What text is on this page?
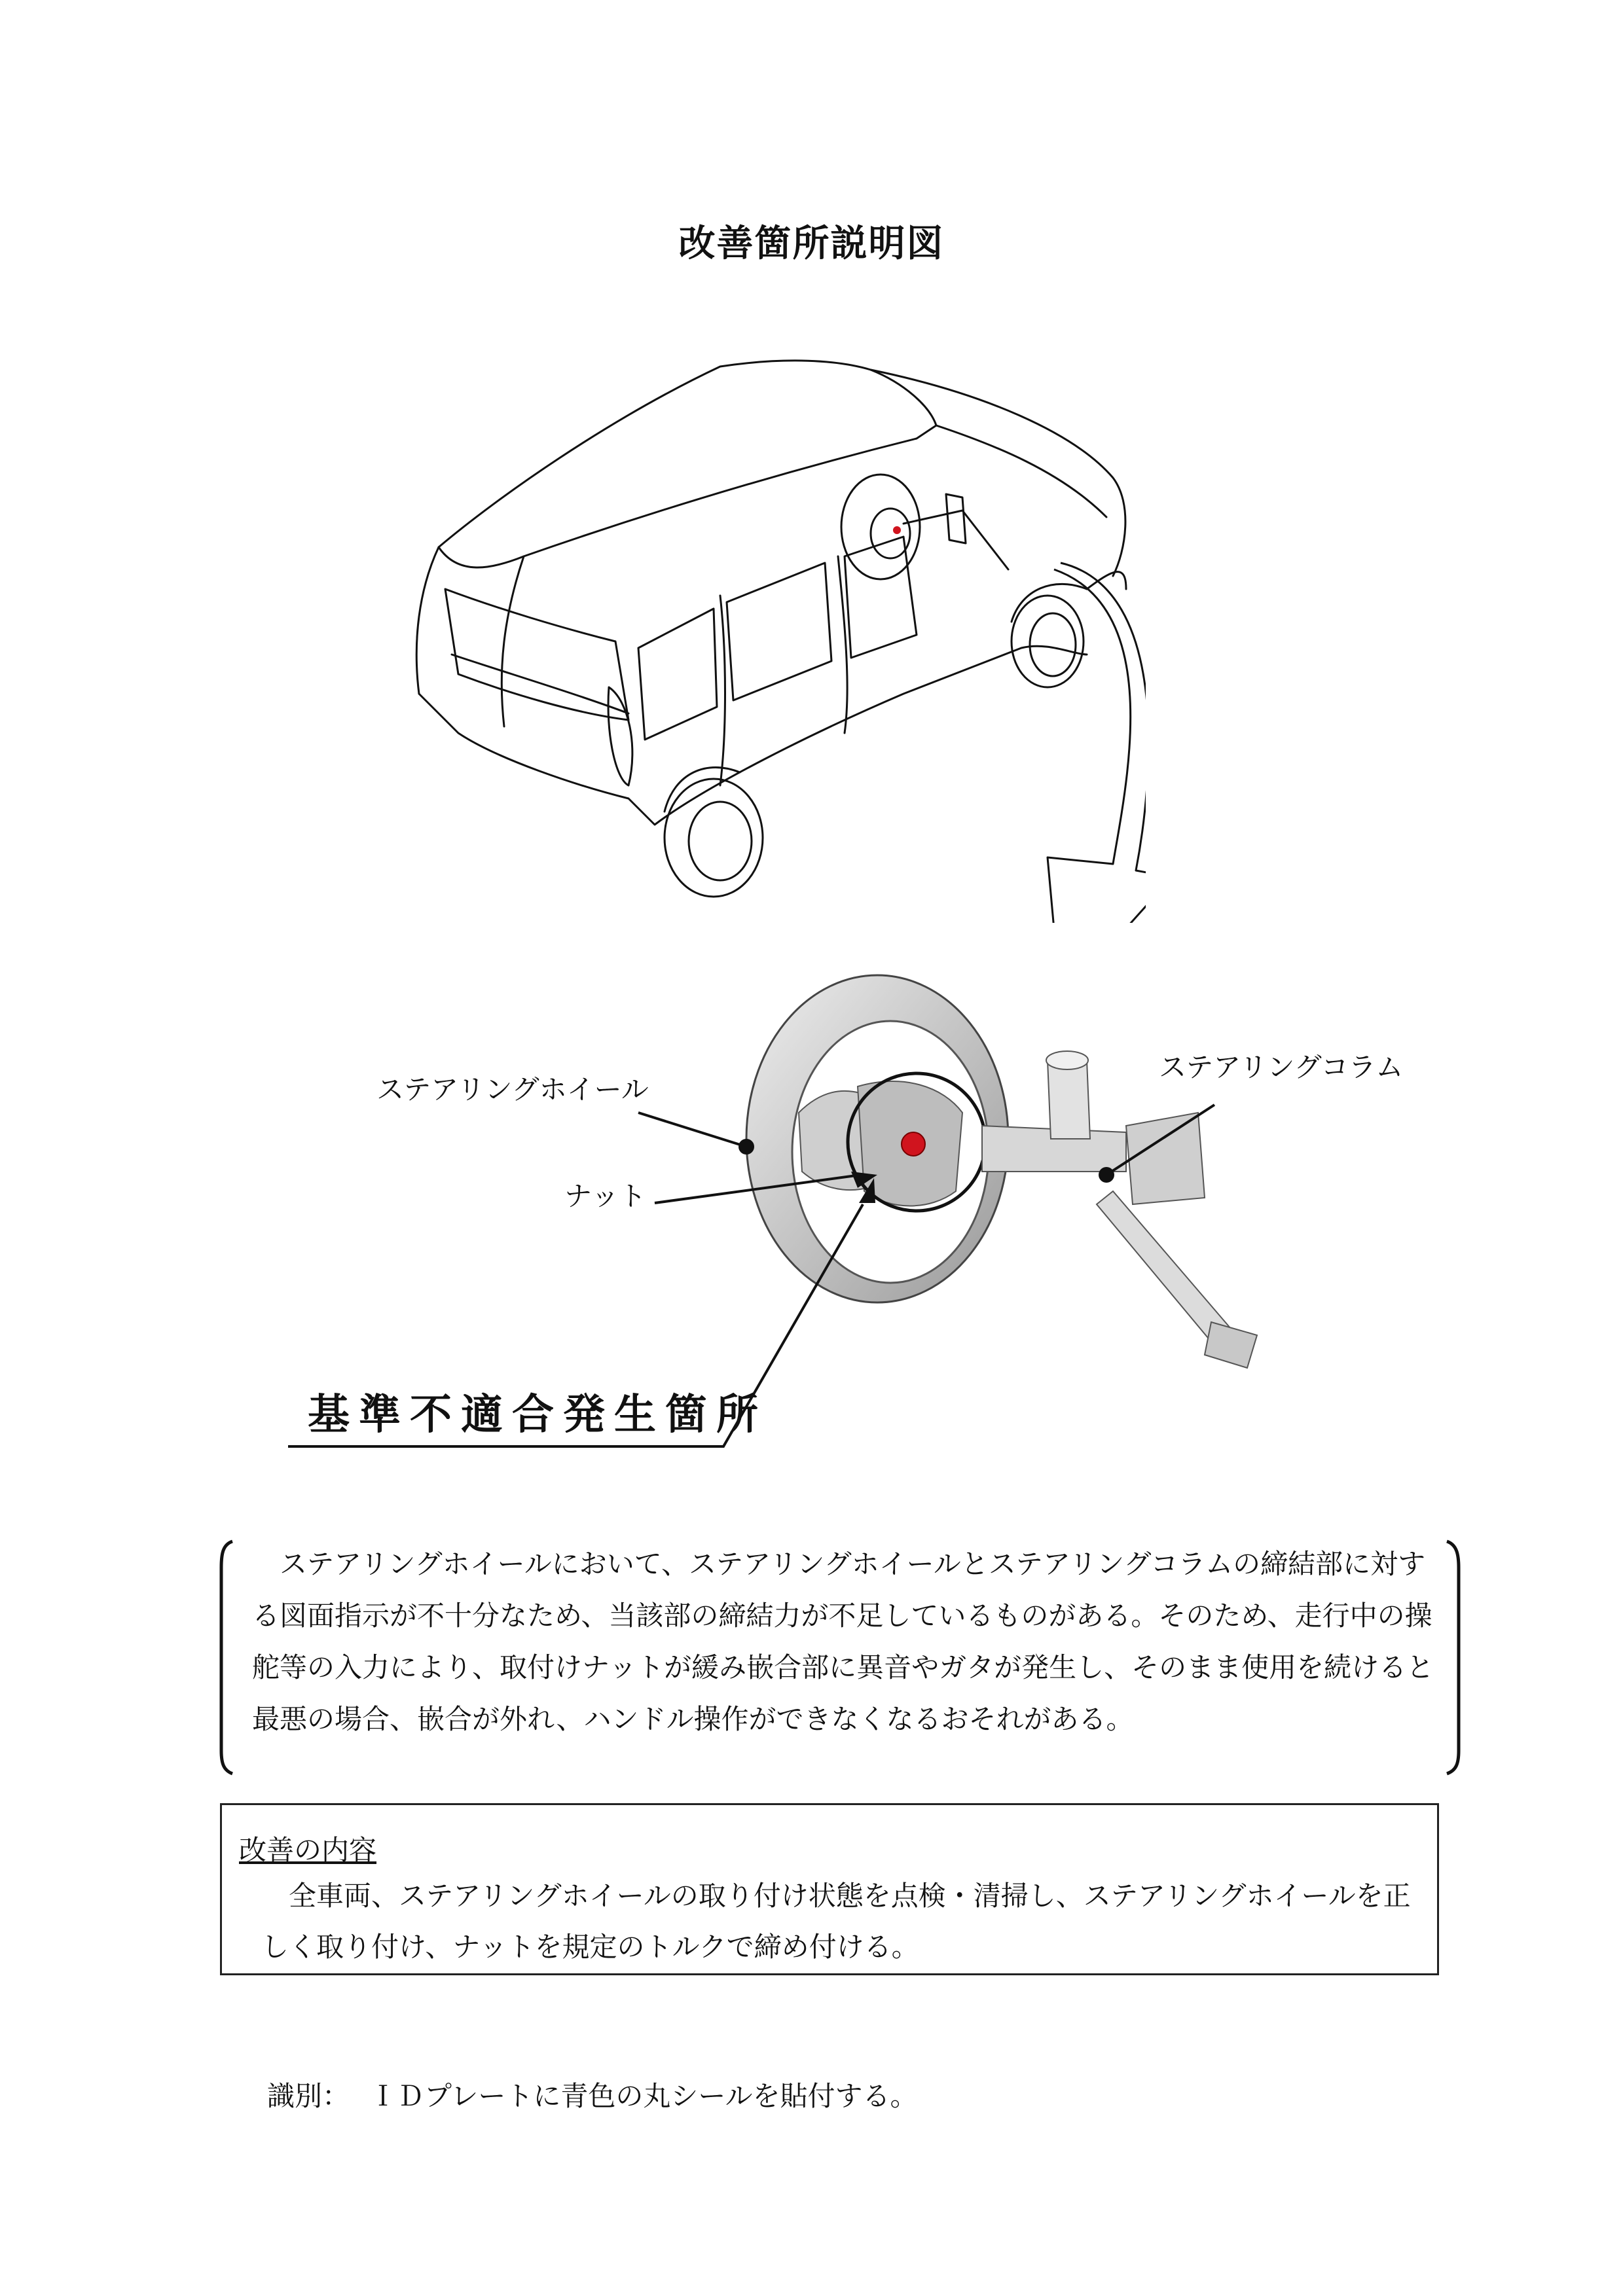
改善箇所説明図
ステアリングホイール
ステアリングコラム
ナット
基準不適合発生箇所

ステアリングホイールにおいて、ステアリングホイールとステアリングコラムの締結部に対する図面指示が不十分なため、当該部の締結力が不足しているものがある。そのため、走行中の操舵等の入力により、取付けナットが緩み嵌合部に異音やガタが発生し、そのまま使用を続けると最悪の場合、嵌合が外れ、ハンドル操作ができなくなるおそれがある。

改善の内容

全車両、ステアリングホイールの取り付け状態を点検・清掃し、ステアリングホイールを正しく取り付け、ナットを規定のトルクで締め付ける。

識別： ＩＤプレートに青色の丸シールを貼付する。
